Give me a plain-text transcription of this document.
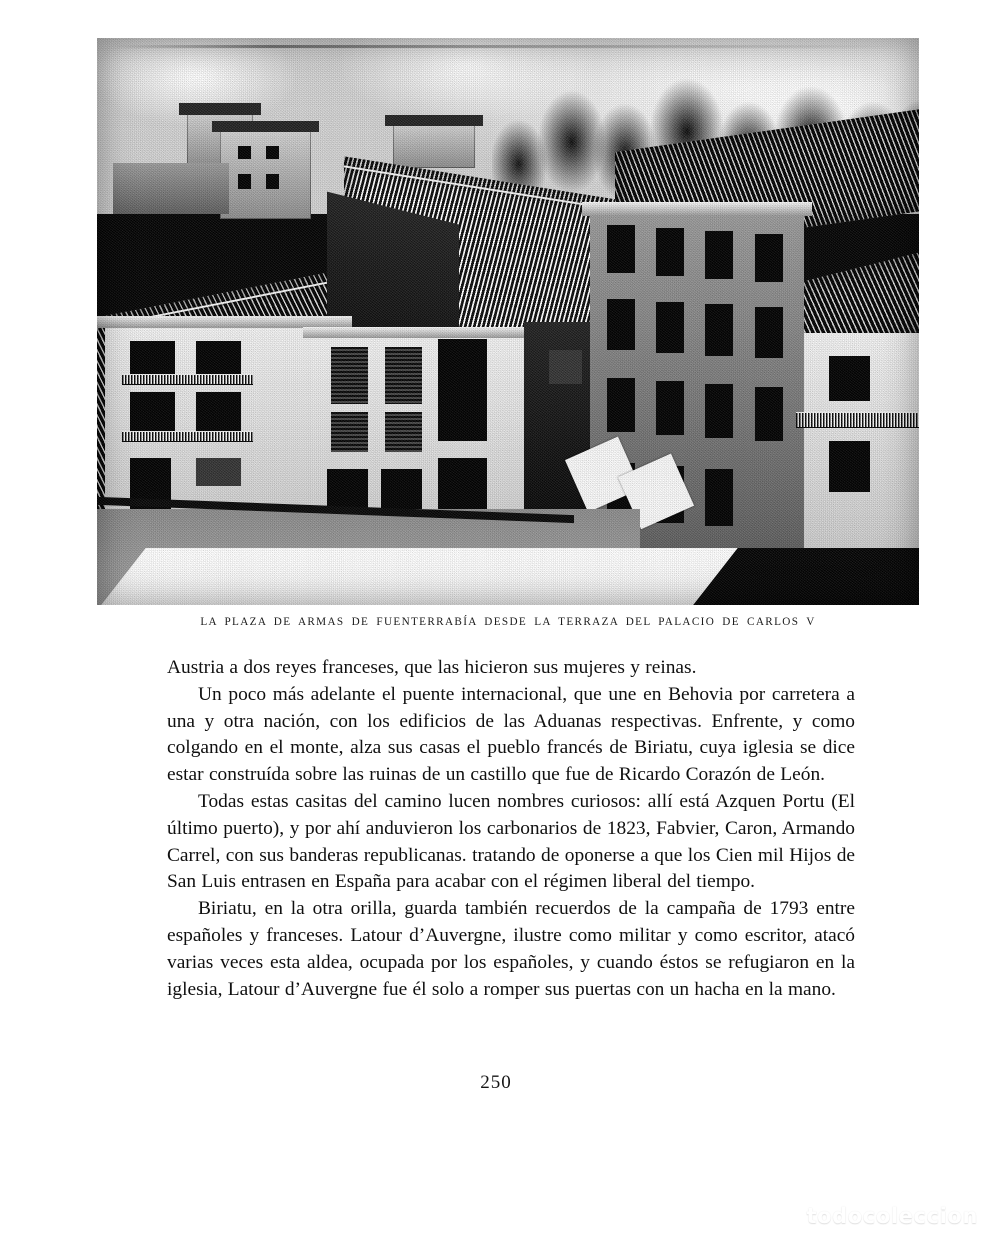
LA PLAZA DE ARMAS DE FUENTERRABÍA DESDE LA TERRAZA DEL PALACIO DE CARLOS V

Austria a dos reyes franceses, que las hicieron sus mujeres y reinas.

Un poco más adelante el puente internacional, que une en Behovia por carretera a una y otra nación, con los edificios de las Aduanas respectivas. Enfrente, y como colgando en el monte, alza sus casas el pueblo francés de Biriatu, cuya iglesia se dice estar construída sobre las ruinas de un castillo que fue de Ricardo Corazón de León.

Todas estas casitas del camino lucen nombres curiosos: allí está Azquen Portu (El último puerto), y por ahí anduvieron los carbonarios de 1823, Fabvier, Caron, Armando Carrel, con sus banderas republicanas. tratando de oponerse a que los Cien mil Hijos de San Luis entrasen en España para acabar con el régimen liberal del tiempo.

Biriatu, en la otra orilla, guarda también recuerdos de la campaña de 1793 entre españoles y franceses. Latour d’Auvergne, ilustre como militar y como escritor, atacó varias veces esta aldea, ocupada por los españoles, y cuando éstos se refugiaron en la iglesia, Latour d’Auvergne fue él solo a romper sus puertas con un hacha en la mano.

250
todocoleccion
